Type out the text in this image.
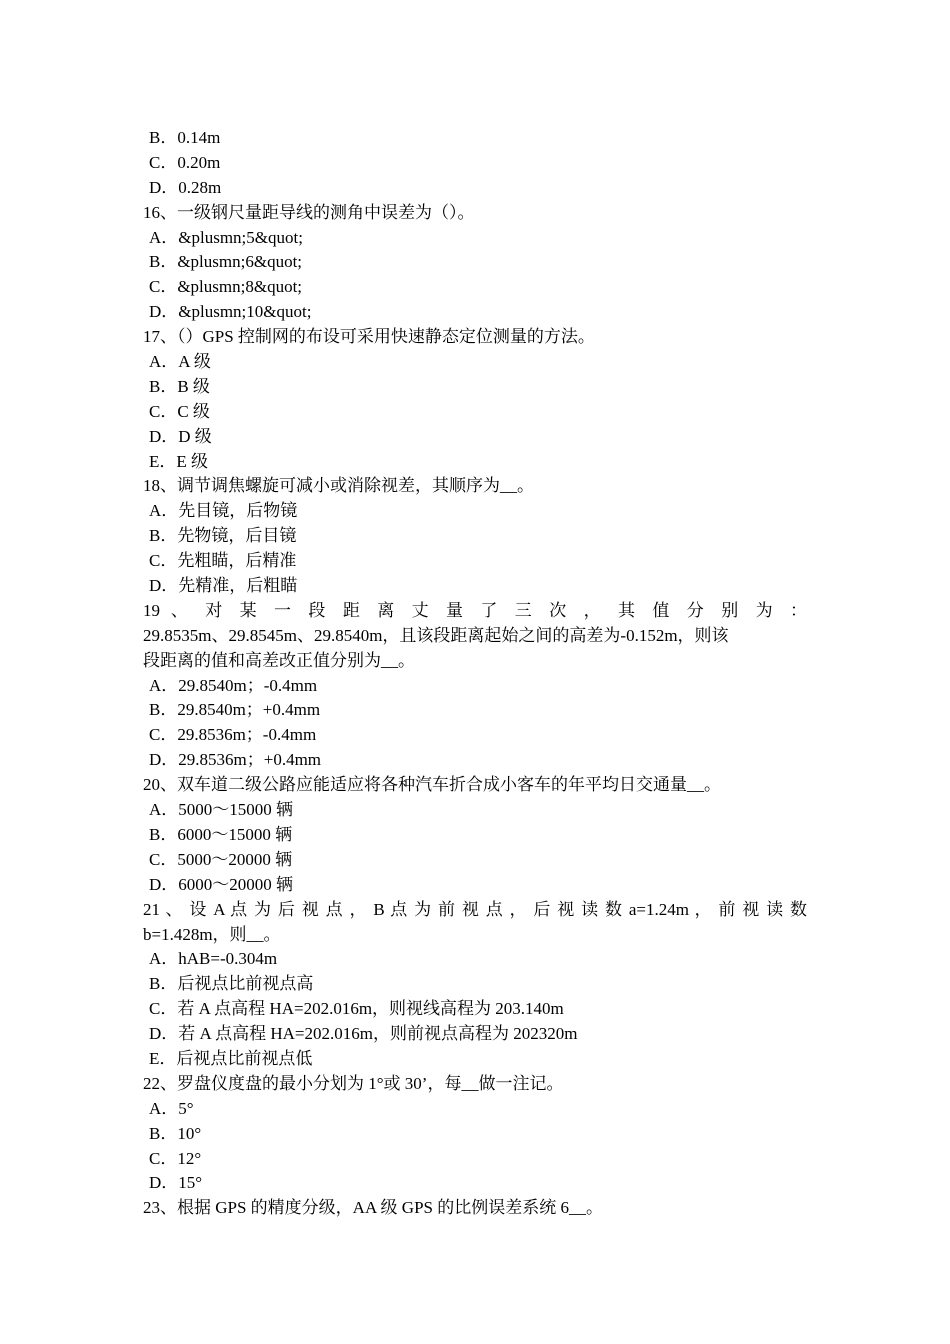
B．0.14m

C．0.20m

D．0.28m

16、一级钢尺量距导线的测角中误差为（）。

A．&plusmn;5&quot;

B．&plusmn;6&quot;

C．&plusmn;8&quot;

D．&plusmn;10&quot;

17、（）GPS 控制网的布设可采用快速静态定位测量的方法。

A．A 级

B．B 级

C．C 级

D．D 级

E．E 级

18、调节调焦螺旋可减小或消除视差，其顺序为__。

A．先目镜，后物镜

B．先物镜，后目镜

C．先粗瞄，后精准

D．先精准，后粗瞄

19 、 对 某 一 段 距 离 丈 量 了 三 次 ， 其 值 分 别 为 ：

29.8535m、29.8545m、29.8540m，且该段距离起始之间的高差为-0.152m，则该

段距离的值和高差改正值分别为__。

A．29.8540m；-0.4mm

B．29.8540m；+0.4mm

C．29.8536m；-0.4mm

D．29.8536m；+0.4mm

20、双车道二级公路应能适应将各种汽车折合成小客车的年平均日交通量__。

A．5000～15000 辆

B．6000～15000 辆

C．5000～20000 辆

D．6000～20000 辆

21 、 设 A 点 为 后 视 点 ， B 点 为 前 视 点 ， 后 视 读 数 a=1.24m ， 前 视 读 数

b=1.428m，则__。

A．hAB=-0.304m

B．后视点比前视点高

C．若 A 点高程 HA=202.016m，则视线高程为 203.140m

D．若 A 点高程 HA=202.016m，则前视点高程为 202320m

E．后视点比前视点低

22、罗盘仪度盘的最小分划为 1°或 30’，每__做一注记。

A．5°

B．10°

C．12°

D．15°

23、根据 GPS 的精度分级，AA 级 GPS 的比例误差系统 6__。
